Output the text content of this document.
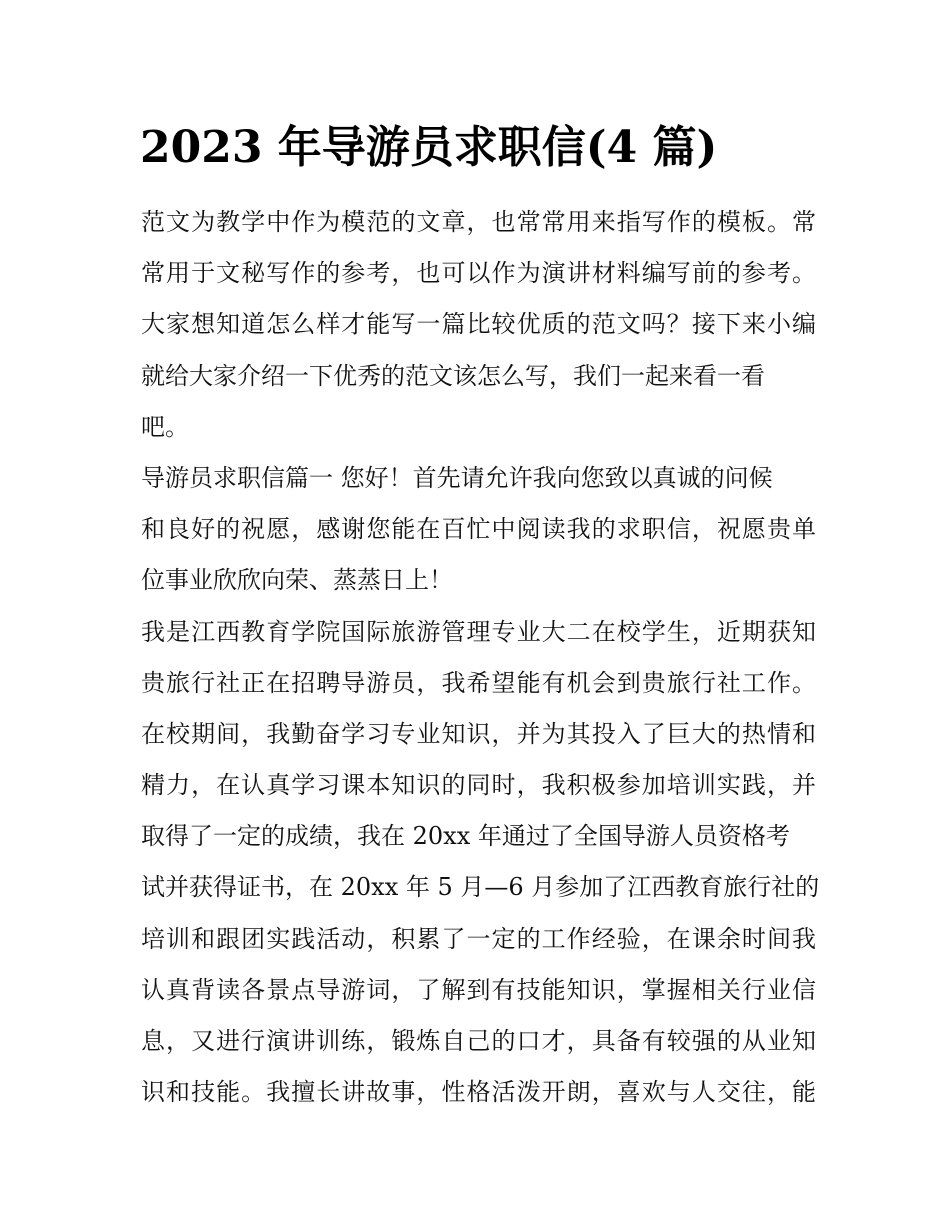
2023 年导游员求职信(4 篇)
范文为教学中作为模范的文章，也常常用来指写作的模板。常
常用于文秘写作的参考，也可以作为演讲材料编写前的参考。
大家想知道怎么样才能写一篇比较优质的范文吗？接下来小编
就给大家介绍一下优秀的范文该怎么写，我们一起来看一看
吧。
导游员求职信篇一 您好！首先请允许我向您致以真诚的问候
和良好的祝愿，感谢您能在百忙中阅读我的求职信，祝愿贵单
位事业欣欣向荣、蒸蒸日上！
我是江西教育学院国际旅游管理专业大二在校学生，近期获知
贵旅行社正在招聘导游员，我希望能有机会到贵旅行社工作。
在校期间，我勤奋学习专业知识，并为其投入了巨大的热情和
精力，在认真学习课本知识的同时，我积极参加培训实践，并
取得了一定的成绩，我在 20xx 年通过了全国导游人员资格考
试并获得证书，在 20xx 年 5 月—6 月参加了江西教育旅行社的
培训和跟团实践活动，积累了一定的工作经验，在课余时间我
认真背读各景点导游词，了解到有技能知识，掌握相关行业信
息，又进行演讲训练，锻炼自己的口才，具备有较强的从业知
识和技能。我擅长讲故事，性格活泼开朗，喜欢与人交往，能
